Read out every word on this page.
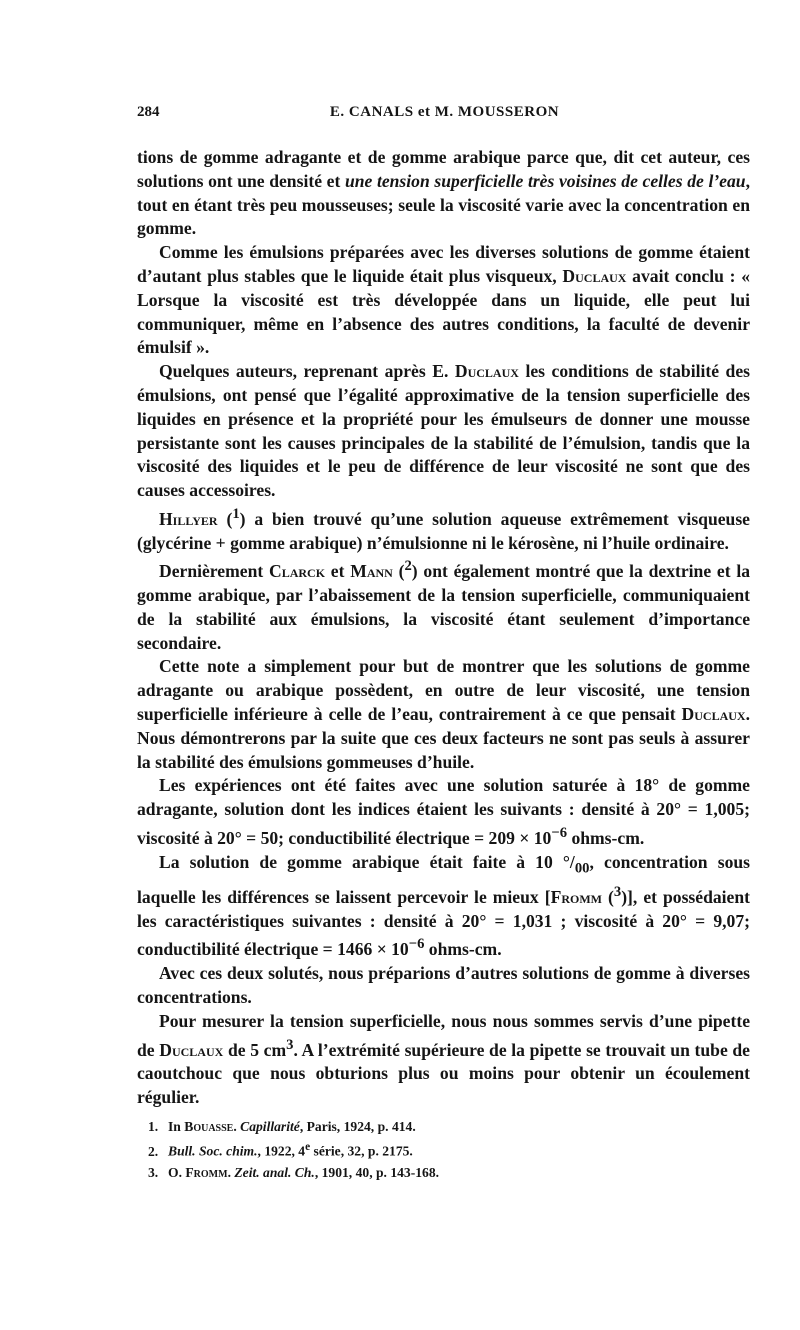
284	E. CANALS et M. MOUSSERON

tions de gomme adragante et de gomme arabique parce que, dit cet auteur, ces solutions ont une densité et une tension superficielle très voisines de celles de l’eau, tout en étant très peu mousseuses; seule la viscosité varie avec la concentration en gomme.

Comme les émulsions préparées avec les diverses solutions de gomme étaient d’autant plus stables que le liquide était plus visqueux, Duclaux avait conclu : « Lorsque la viscosité est très développée dans un liquide, elle peut lui communiquer, même en l’absence des autres conditions, la faculté de devenir émulsif ».

Quelques auteurs, reprenant après E. Duclaux les conditions de stabilité des émulsions, ont pensé que l’égalité approximative de la tension superficielle des liquides en présence et la propriété pour les émulseurs de donner une mousse persistante sont les causes principales de la stabilité de l’émulsion, tandis que la viscosité des liquides et le peu de différence de leur viscosité ne sont que des causes accessoires.

Hillyer ($^1$) a bien trouvé qu’une solution aqueuse extrêmement visqueuse (glycérine + gomme arabique) n’émulsionne ni le kérosène, ni l’huile ordinaire.

Dernièrement Clarck et Mann ($^2$) ont également montré que la dextrine et la gomme arabique, par l’abaissement de la tension superficielle, communiquaient de la stabilité aux émulsions, la viscosité étant seulement d’importance secondaire.

Cette note a simplement pour but de montrer que les solutions de gomme adragante ou arabique possèdent, en outre de leur viscosité, une tension superficielle inférieure à celle de l’eau, contrairement à ce que pensait Duclaux. Nous démontrerons par la suite que ces deux facteurs ne sont pas seuls à assurer la stabilité des émulsions gommeuses d’huile.

Les expériences ont été faites avec une solution saturée à 18° de gomme adragante, solution dont les indices étaient les suivants : densité à 20° = 1,005; viscosité à 20° = 50; conductibilité électrique = $209 \times 10^{-6}$ ohms-cm.

La solution de gomme arabique était faite à 10 $^\circ/_{00}$, concentration sous laquelle les différences se laissent percevoir le mieux [Fromm ($^3$)], et possédaient les caractéristiques suivantes : densité à 20° = 1,031 ; viscosité à 20° = 9,07; conductibilité électrique = $1466 \times 10^{-6}$ ohms-cm.

Avec ces deux solutés, nous préparions d’autres solutions de gomme à diverses concentrations.

Pour mesurer la tension superficielle, nous nous sommes servis d’une pipette de Duclaux de 5 $cm^3$. A l’extrémité supérieure de la pipette se trouvait un tube de caoutchouc que nous obturions plus ou moins pour obtenir un écoulement régulier.

1. In Bouasse. Capillarité, Paris, 1924, p. 414.
2. Bull. Soc. chim., 1922, 4e série, 32, p. 2175.
3. O. Fromm. Zeit. anal. Ch., 1901, 40, p. 143-168.
